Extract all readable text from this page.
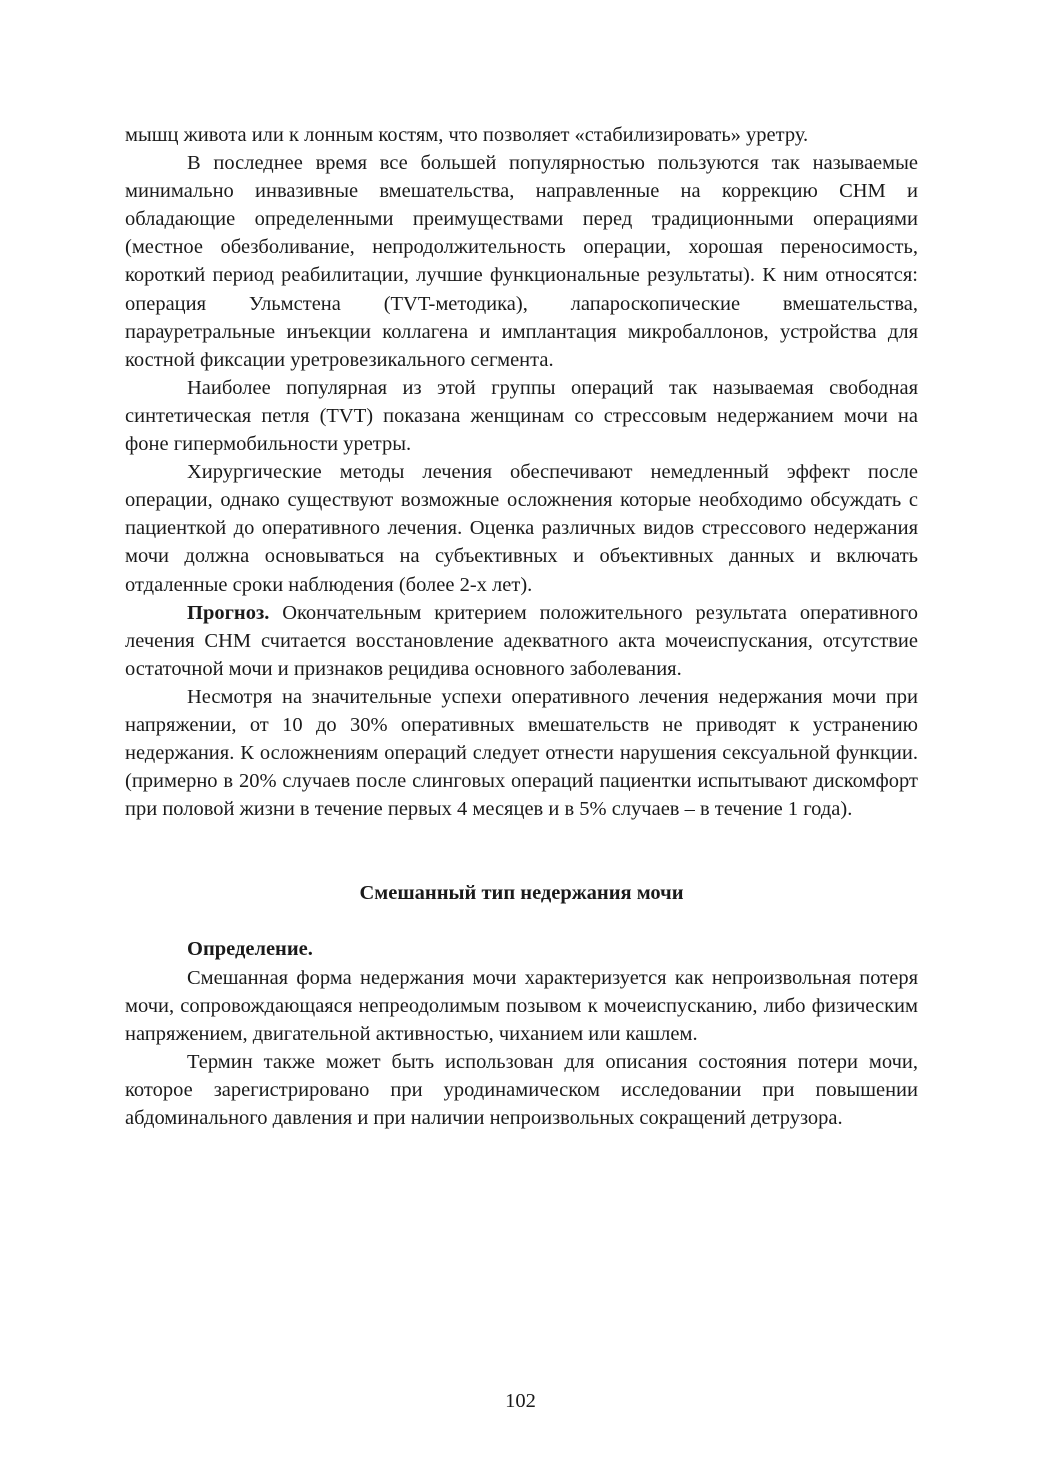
мышц живота или к лонным костям, что позволяет «стабилизировать» уретру.

В последнее время все большей популярностью пользуются так называемые минимально инвазивные вмешательства, направленные на коррекцию СНМ и обладающие определенными преимуществами перед традиционными операциями (местное обезболивание, непродолжительность операции, хорошая переносимость, короткий период реабилитации, лучшие функциональные результаты). К ним относятся: операция Ульмстена (TVT-методика), лапароскопические вмешательства, парауретральные инъекции коллагена и имплантация микробаллонов, устройства для костной фиксации уретровезикального сегмента.

Наиболее популярная из этой группы операций так называемая свободная синтетическая петля (TVT) показана женщинам со стрессовым недержанием мочи на фоне гипермобильности уретры.

Хирургические методы лечения обеспечивают немедленный эффект после операции, однако существуют возможные осложнения которые необходимо обсуждать с пациенткой до оперативного лечения. Оценка различных видов стрессового недержания мочи должна основываться на субъективных и объективных данных и включать отдаленные сроки наблюдения (более 2-х лет).

Прогноз. Окончательным критерием положительного результата оперативного лечения СНМ считается восстановление адекватного акта мочеиспускания, отсутствие остаточной мочи и признаков рецидива основного заболевания.

Несмотря на значительные успехи оперативного лечения недержания мочи при напряжении, от 10 до 30% оперативных вмешательств не приводят к устранению недержания. К осложнениям операций следует отнести нарушения сексуальной функции. (примерно в 20% случаев после слинговых операций пациентки испытывают дискомфорт при половой жизни в течение первых 4 месяцев и в 5% случаев – в течение 1 года).

Смешанный тип недержания мочи

Определение.

Смешанная форма недержания мочи характеризуется как непроизвольная потеря мочи, сопровождающаяся непреодолимым позывом к мочеиспусканию, либо физическим напряжением, двигательной активностью, чиханием или кашлем.

Термин также может быть использован для описания состояния потери мочи, которое зарегистрировано при уродинамическом исследовании при повышении абдоминального давления и при наличии непроизвольных сокращений детрузора.

102
